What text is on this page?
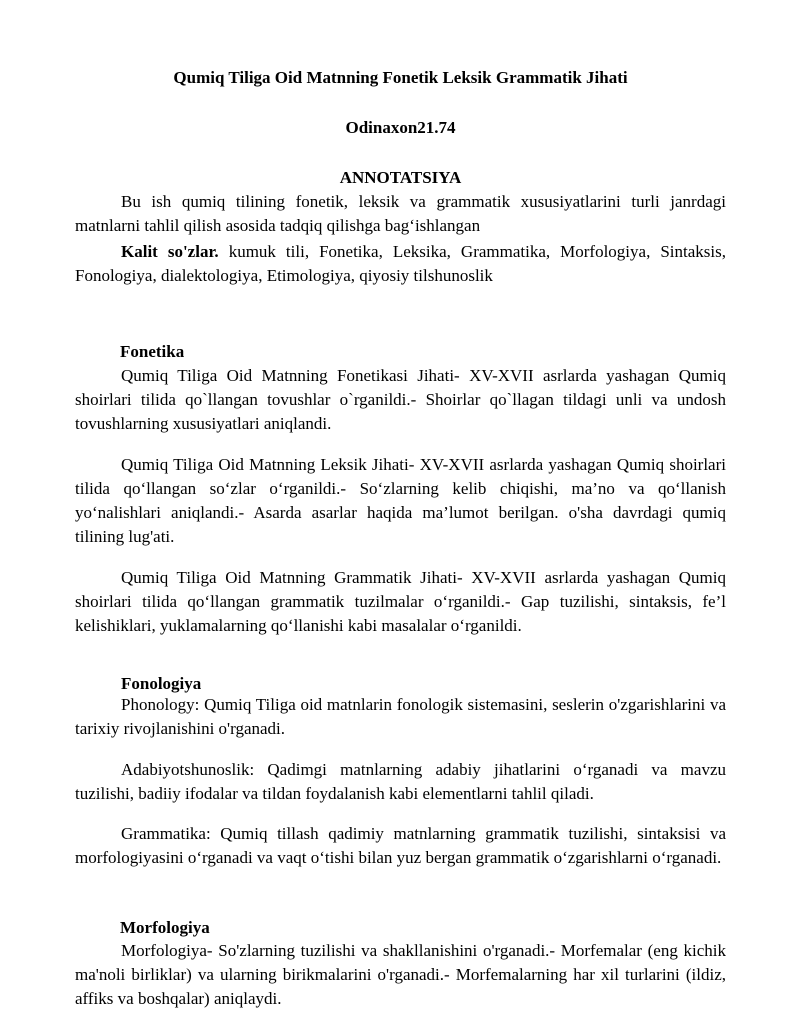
Qumiq Tiliga Oid Matnning Fonetik Leksik Grammatik Jihati
Odinaxon21.74
ANNOTATSIYA
Bu ish qumiq tilining fonetik, leksik va grammatik xususiyatlarini turli janrdagi matnlarni tahlil qilish asosida tadqiq qilishga bag‘ishlangan
Kalit so'zlar. kumuk tili, Fonetika, Leksika, Grammatika, Morfologiya, Sintaksis, Fonologiya, dialektologiya, Etimologiya, qiyosiy tilshunoslik
Fonetika
Qumiq Tiliga Oid Matnning Fonetikasi Jihati- XV-XVII asrlarda yashagan Qumiq shoirlari tilida qo`llangan tovushlar o`rganildi.- Shoirlar qo`llagan tildagi unli va undosh tovushlarning xususiyatlari aniqlandi.
Qumiq Tiliga Oid Matnning Leksik Jihati- XV-XVII asrlarda yashagan Qumiq shoirlari tilida qo‘llangan so‘zlar o‘rganildi.- So‘zlarning kelib chiqishi, ma’no va qo‘llanish yo‘nalishlari aniqlandi.- Asarda asarlar haqida ma’lumot berilgan. o'sha davrdagi qumiq tilining lug'ati.
Qumiq Tiliga Oid Matnning Grammatik Jihati- XV-XVII asrlarda yashagan Qumiq shoirlari tilida qo‘llangan grammatik tuzilmalar o‘rganildi.- Gap tuzilishi, sintaksis, fe’l kelishiklari, yuklamalarning qo‘llanishi kabi masalalar o‘rganildi.
Fonologiya
Phonology: Qumiq Tiliga oid matnlarin fonologik sistemasini, seslerin o'zgarishlarini va tarixiy rivojlanishini o'rganadi.
Adabiyotshunoslik: Qadimgi matnlarning adabiy jihatlarini o‘rganadi va mavzu tuzilishi, badiiy ifodalar va tildan foydalanish kabi elementlarni tahlil qiladi.
Grammatika: Qumiq tillash qadimiy matnlarning grammatik tuzilishi, sintaksisi va morfologiyasini o‘rganadi va vaqt o‘tishi bilan yuz bergan grammatik o‘zgarishlarni o‘rganadi.
Morfologiya
Morfologiya- So'zlarning tuzilishi va shakllanishini o'rganadi.- Morfemalar (eng kichik ma'noli birliklar) va ularning birikmalarini o'rganadi.- Morfemalarning har xil turlarini (ildiz, affiks va boshqalar) aniqlaydi.
